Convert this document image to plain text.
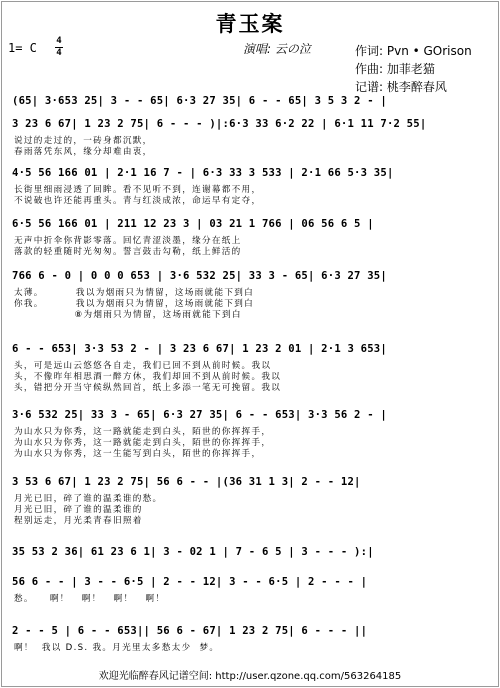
青玉案
1= C 4
4	演唱: 云の泣	作词: Pvn • GOrison
作曲: 加菲老猫
记谱: 桃李醉春风
(65| 3·653 25| 3 - - 65| 6·3 27 35| 6 - - 65| 3 5 3 2 - |
3 23 6 67| 1 23 2 75| 6 - - - )|:6·3 33 6·2 22 | 6·1 11 7·2 55|
说过的走过的，一砖身都沉默，
春雨落凭东风，缘分却难由衷，
4·5 56 166 01 | 2·1 16 7 - | 6·3 33 3 533 | 2·1 66 5·3 35|
长街里细雨浸透了回眸。看不见听不到，连谢幕都不用，
不说破也许还能再重头。青与红淡成浓，命运早有定夺，
6·5 56 166 01 | 211 12 23 3 | 03 21 1 766 | 06 56 6 5 |
无声中折伞你背影零落。回忆青涩淡墨，缘分在纸上
落款的轻重随时光匆匆。誓言鼓击勾勒，纸上鲜活的
766 6 - 0 | 0 0 0 653 | 3·6 532 25| 33 3 - 65| 6·3 27 35|
太薄。        我以为烟雨只为情留，这场雨就能下到白
你我。        我以为烟雨只为情留，这场雨就能下到白
⑧为烟雨只为情留，这场雨就能下到白
6 - - 653| 3·3 53 2 - | 3 23 6 67| 1 23 2 01 | 2·1 3 653|
头，可是远山云悠悠各自走，我们已回不到从前时候。我以
头，不像昨年相思酒一醉方休，我们却回不到从前时候。我以
头，错把分开当守候纵然回首，纸上多添一笔无可挽留。我以
3·6 532 25| 33 3 - 65| 6·3 27 35| 6 - - 653| 3·3 56 2 - |
为山水只为你秀，这一路就能走到白头，陌世的你挥挥手，
为山水只为你秀，这一路就能走到白头，陌世的你挥挥手，
为山水只为你秀，这一生能写到白头，陌世的你挥挥手，
3 53 6 67| 1 23 2 75| 56 6 - - |(36 31 1 3| 2 - - 12|
月光已旧，碎了谁的温柔谁的愁。
月光已旧，碎了谁的温柔谁的
程别远走，月光柔青春旧照着
35 53 2 36| 61 23 6 1| 3 - 02 1 | 7 - 6 5 | 3 - - - ):|
56 6 - - | 3 - - 6·5 | 2 - - 12| 3 - - 6·5 | 2 - - - |
愁。    啊！   啊！   啊！   啊！
2 - - 5 | 6 - - 653|| 56 6 - 67| 1 23 2 75| 6 - - - ||
啊！  我以 D.S. 我。月光里太多愁太少  梦。
欢迎光临醉春风记谱空间: http://user.qzone.qq.com/563264185
